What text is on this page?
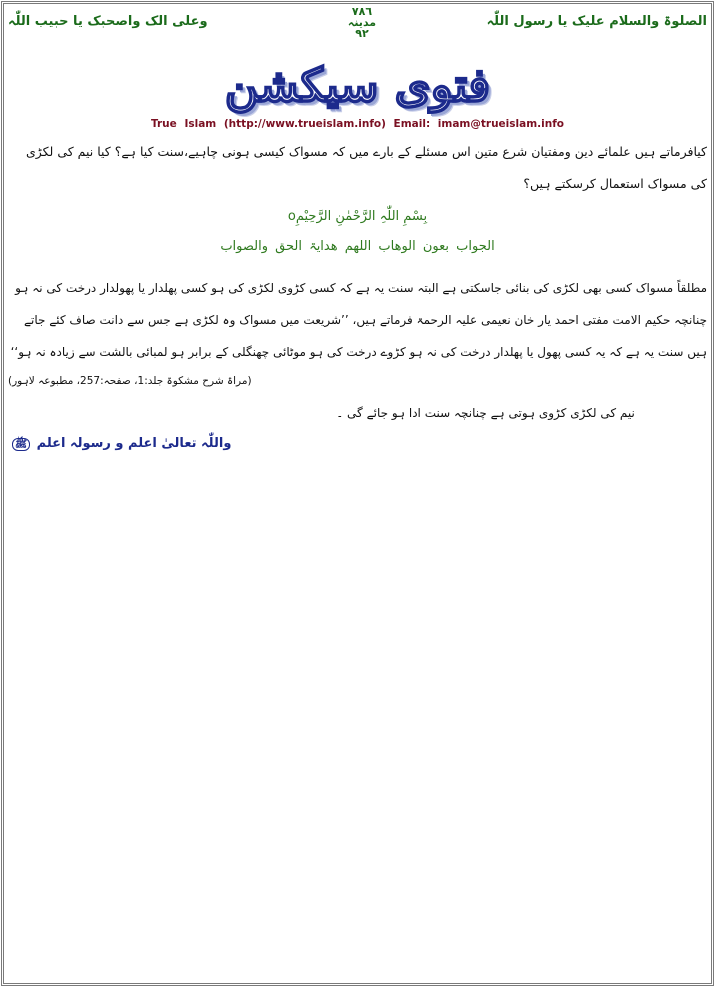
الصلوۃ والسلام علیک یا رسول اللّٰہ
۷۸٦
مدینہ
۹۲
وعلی الک واصحبک یا حبیب اللّٰہ
فتوی سیکشن
True Islam (http://www.trueislam.info) Email: imam@trueislam.info
کیافرماتے ہیں علمائے دین ومفتیان شرع متین اس مسئلے کے بارے میں کہ مسواک کیسی ہونی چاہیے،سنت کیا ہے؟ کیا نیم کی لکڑی کی مسواک استعمال کرسکتے ہیں؟
بِسْمِ اللّٰہِ الرَّحْمٰنِ الرَّحِیْمِo
الجواب بعون الوھاب اللھم ھدایۃ الحق والصواب
مطلقاً مسواک کسی بھی لکڑی کی بنائی جاسکتی ہے البتہ سنت یہ ہے کہ کسی کڑوی لکڑی کی ہو کسی پھلدار یا پھولدار درخت کی نہ ہو چنانچہ حکیم الامت مفتی احمد یار خان نعیمی علیہ الرحمۃ فرماتے ہیں، ’’شریعت میں مسواک وہ لکڑی ہے جس سے دانت صاف کئے جاتے ہیں سنت یہ ہے کہ یہ کسی پھول یا پھلدار درخت کی نہ ہو کڑوے درخت کی ہو موٹائی چھنگلی کے برابر ہو لمبائی بالشت سے زیادہ نہ ہو‘‘
(مراۃ شرح مشکوۃ جلد:1، صفحہ:257، مطبوعہ لاہور)
نیم کی لکڑی کڑوی ہوتی ہے چنانچہ سنت ادا ہو جائے گی ۔
واللّٰہ تعالیٰ اعلم و رسولہ اعلم ﷺ
